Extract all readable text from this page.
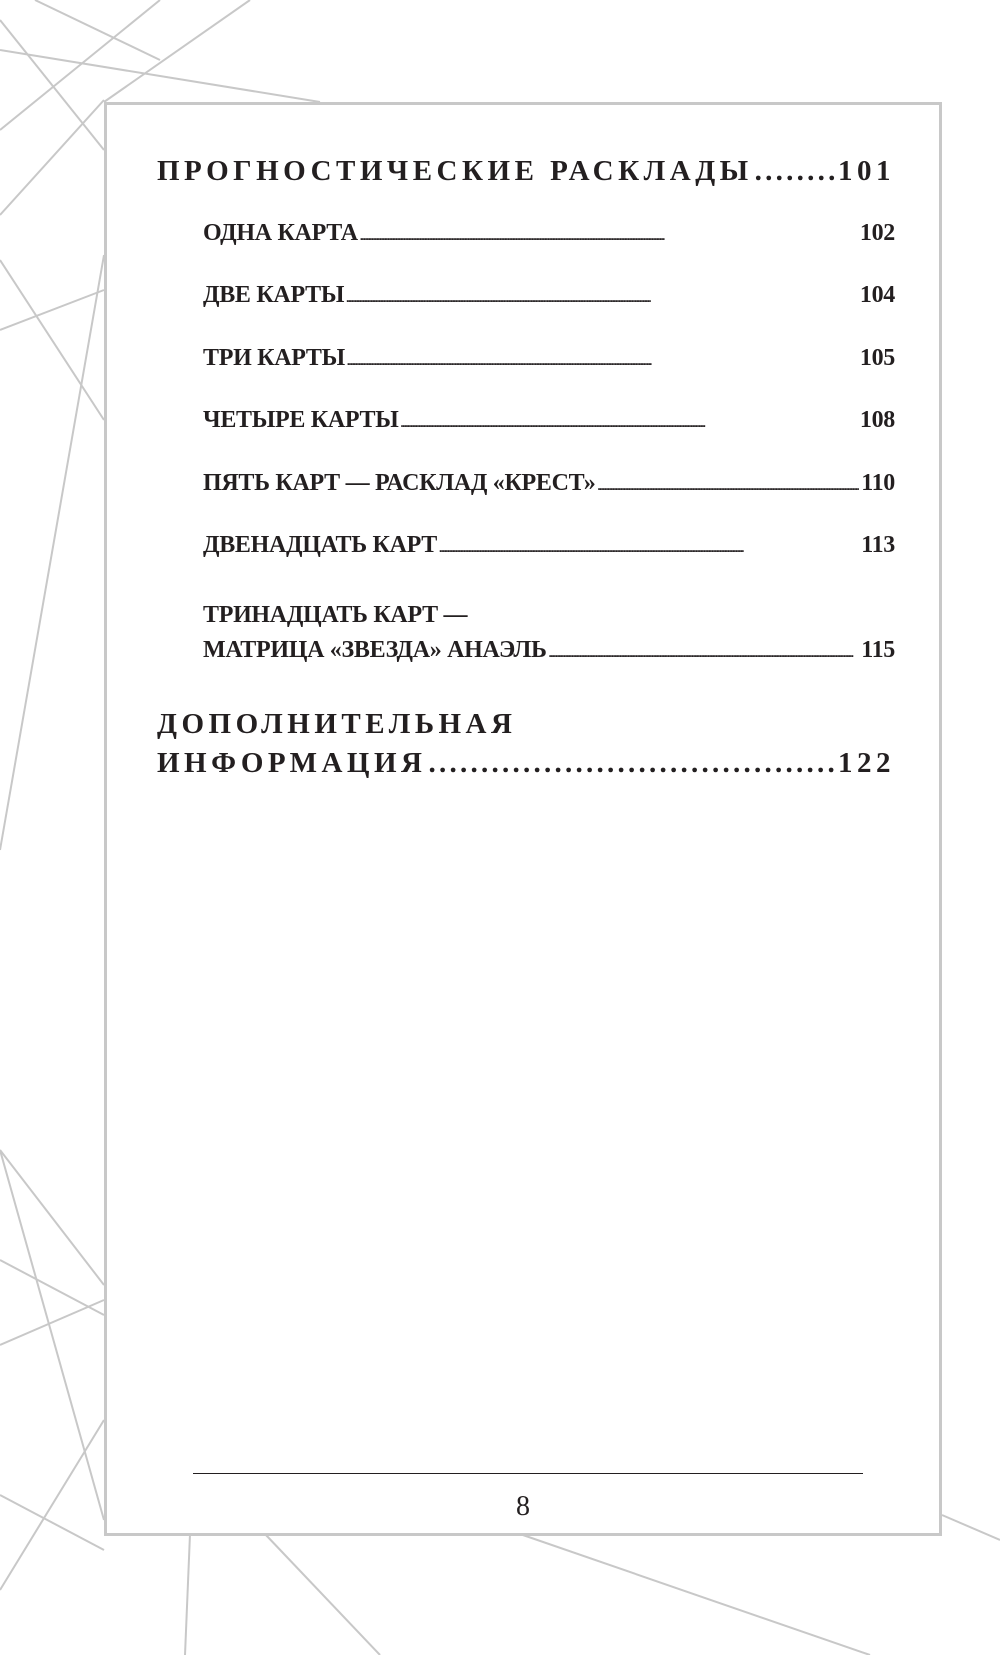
ПРОГНОСТИЧЕСКИЕ РАСКЛАДЫ . . .	101
ОДНА КАРТА . . .	102
ДВЕ КАРТЫ . . .	104
ТРИ КАРТЫ . . .	105
ЧЕТЫРЕ КАРТЫ . . .	108
ПЯТЬ КАРТ — РАСКЛАД «КРЕСТ» . . .	110
ДВЕНАДЦАТЬ КАРТ . . .	113
ТРИНАДЦАТЬ КАРТ —
МАТРИЦА «ЗВЕЗДА» АНАЭЛЬ . . .	115
ДОПОЛНИТЕЛЬНАЯ
ИНФОРМАЦИЯ . . .	122
8
